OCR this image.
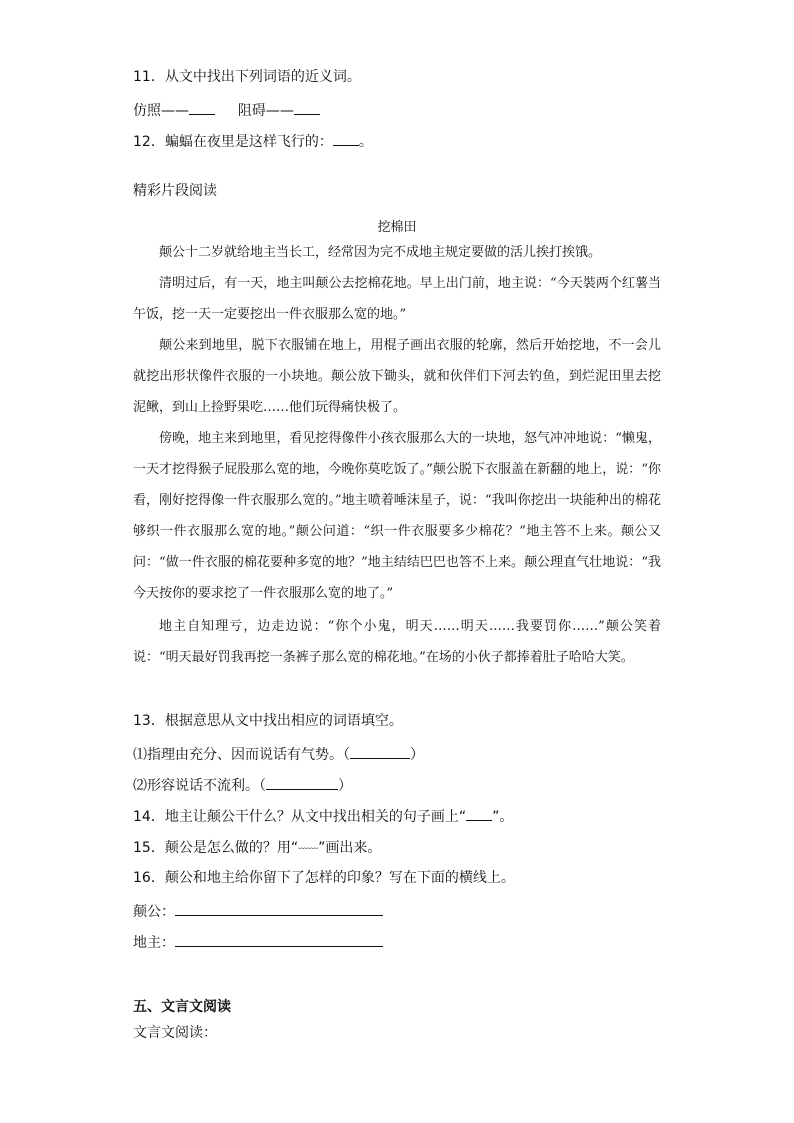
11．从文中找出下列词语的近义词。
仿照——	阻碍——
12．蝙蝠在夜里是这样飞行的： 。
精彩片段阅读
挖棉田

颠公十二岁就给地主当长工，经常因为完不成地主规定要做的活儿挨打挨饿。

清明过后，有一天，地主叫颠公去挖棉花地。早上出门前，地主说：“今天裝两个红薯当午饭，挖一天一定要挖出一件衣服那么宽的地。”

颠公来到地里，脱下衣服铺在地上，用棍子画出衣服的轮廓，然后开始挖地，不一会儿就挖出形状像件衣服的一小块地。颠公放下锄头，就和伙伴们下河去钓鱼，到烂泥田里去挖泥鳅，到山上捡野果吃……他们玩得痛快极了。

傍晚，地主来到地里，看见挖得像件小孩衣服那么大的一块地，怒气冲冲地说：“懒鬼，一天才挖得猴子屁股那么宽的地，今晚你莫吃饭了。”颠公脱下衣服盖在新翻的地上，说：“你看，刚好挖得像一件衣服那么宽的。”地主喷着唾沫星子，说：“我叫你挖出一块能种出的棉花够织一件衣服那么宽的地。”颠公问道：“织一件衣服要多少棉花？”地主答不上来。颠公又问：“做一件衣服的棉花要种多宽的地？”地主结结巴巴也答不上来。颠公理直气壮地说：“我今天按你的要求挖了一件衣服那么宽的地了。”

地主自知理亏，边走边说：“你个小鬼，明天……明天……我要罚你……”颠公笑着说：“明天最好罚我再挖一条裤子那么宽的棉花地。”在场的小伙子都捧着肚子哈哈大笑。

13．根据意思从文中找出相应的词语填空。
⑴指理由充分、因而说话有气势。（	）
⑵形容说话不流利。（	）
14．地主让颠公干什么？从文中找出相关的句子画上“ ”。
15．颠公是怎么做的？用“﹏﹏”画出来。
16．颠公和地主给你留下了怎样的印象？写在下面的横线上。
颠公：
地主：
五、文言文阅读
文言文阅读：
